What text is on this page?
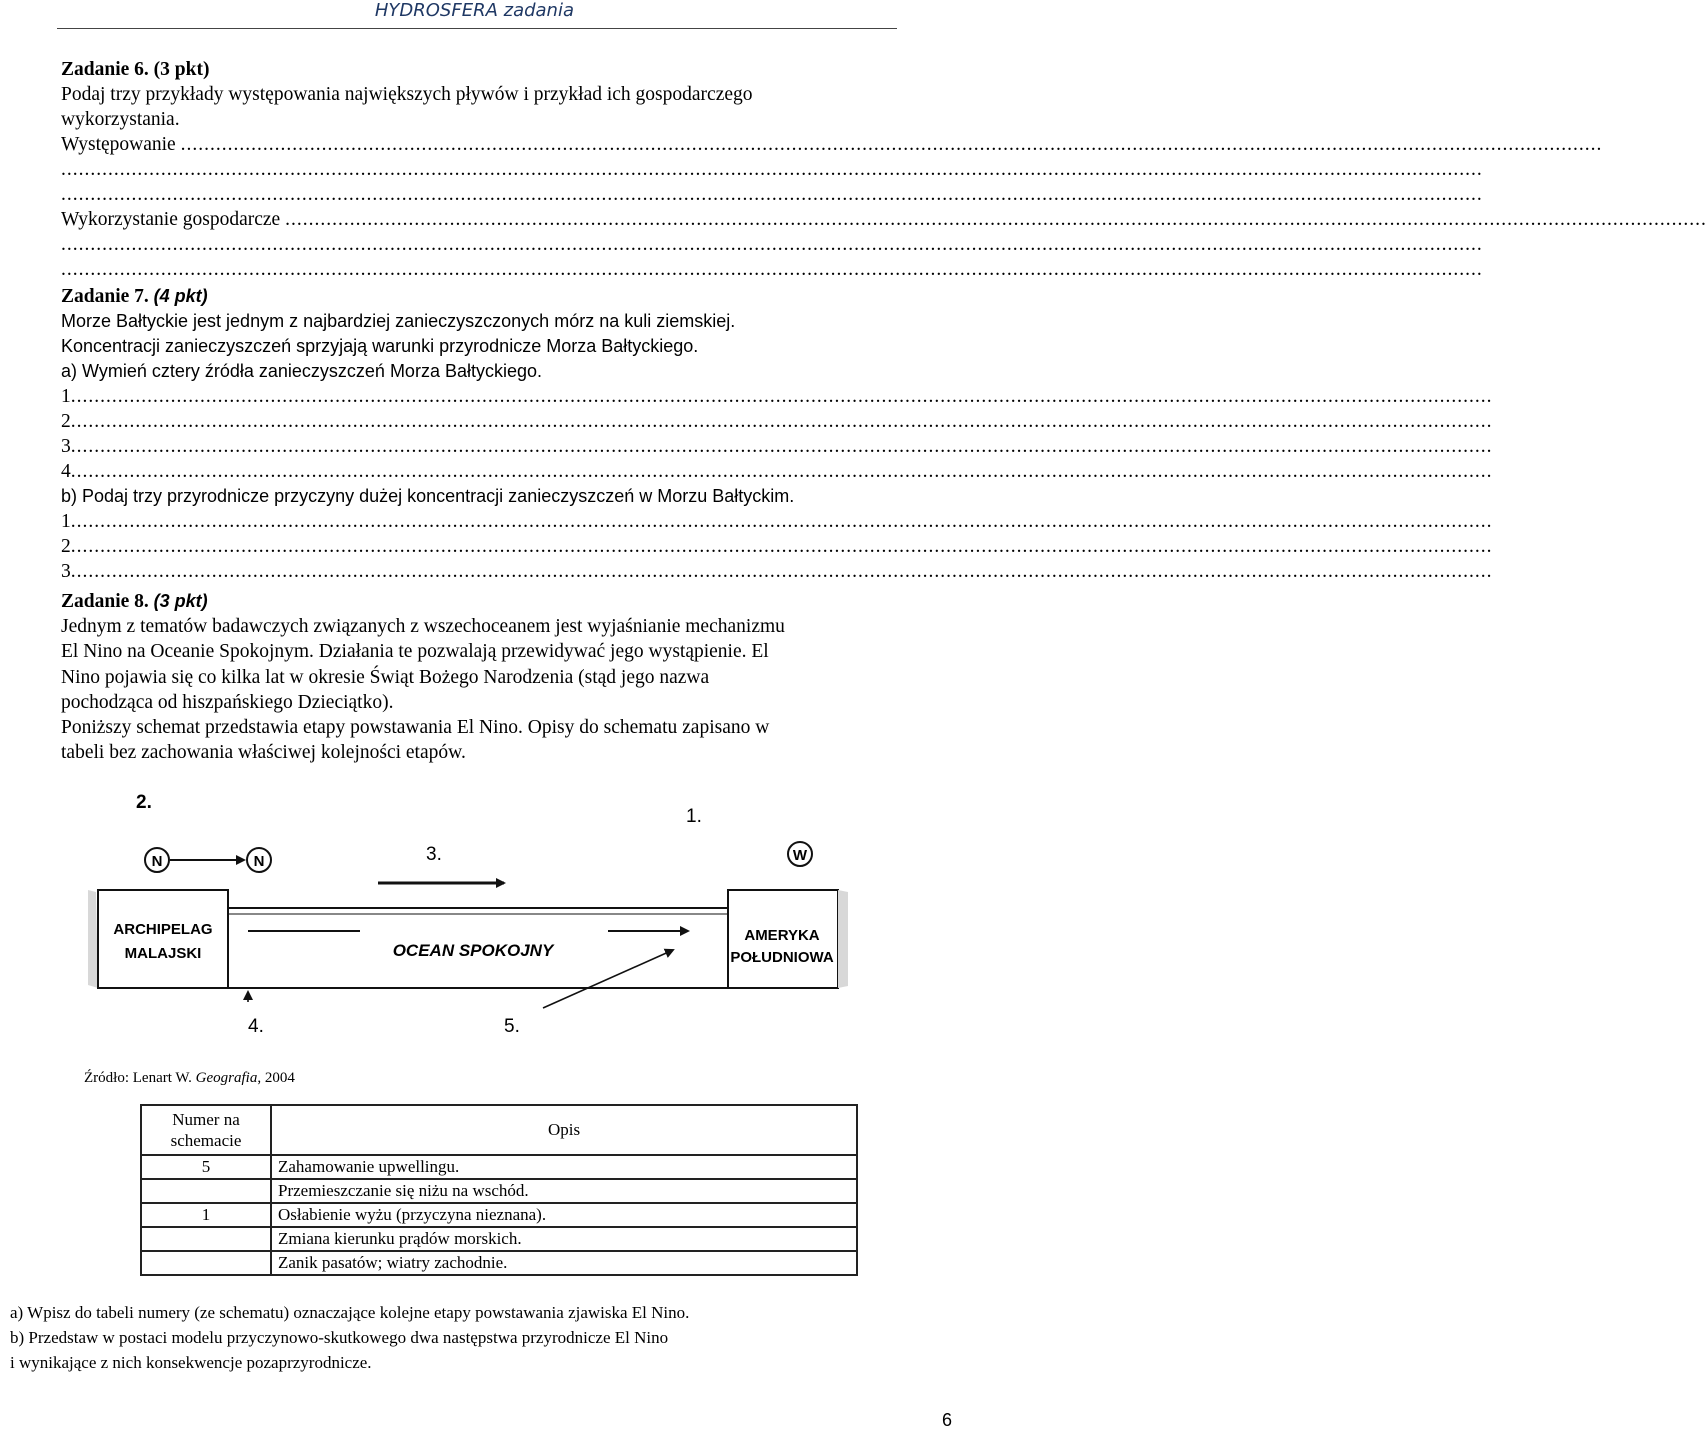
HYDROSFERA zadania
Zadanie 6. (3 pkt)
Podaj trzy przykłady występowania największych pływów i przykład ich gospodarczego
wykorzystania.
Występowanie ..................................................................................................................................................................................................................................................
..................................................................................................................................................................................................................................................
..................................................................................................................................................................................................................................................
Wykorzystanie gospodarcze ..................................................................................................................................................................................................................................................
..................................................................................................................................................................................................................................................
..................................................................................................................................................................................................................................................
Zadanie 7. (4 pkt)
Morze Bałtyckie jest jednym z najbardziej zanieczyszczonych mórz na kuli ziemskiej.
Koncentracji zanieczyszczeń sprzyjają warunki przyrodnicze Morza Bałtyckiego.
a) Wymień cztery źródła zanieczyszczeń Morza Bałtyckiego.
1 ..................................................................................................................................................................................................................................................
2 ..................................................................................................................................................................................................................................................
3 ..................................................................................................................................................................................................................................................
4 ..................................................................................................................................................................................................................................................
b) Podaj trzy przyrodnicze przyczyny dużej koncentracji zanieczyszczeń w Morzu Bałtyckim.
1 ..................................................................................................................................................................................................................................................
2 ..................................................................................................................................................................................................................................................
3 ..................................................................................................................................................................................................................................................
Zadanie 8. (3 pkt)
Jednym z tematów badawczych związanych z wszechoceanem jest wyjaśnianie mechanizmu
El Nino na Oceanie Spokojnym. Działania te pozwalają przewidywać jego wystąpienie. El
Nino pojawia się co kilka lat w okresie Świąt Bożego Narodzenia (stąd jego nazwa
pochodząca od hiszpańskiego Dzieciątko).
Poniższy schemat przedstawia etapy powstawania El Nino. Opisy do schematu zapisano w
tabeli bez zachowania właściwej kolejności etapów.
2.
1.
3.
4.	5.
N	N	W
ARCHIPELAG
MALAJSKI
AMERYKA
POŁUDNIOWA
OCEAN SPOKOJNY
Źródło: Lenart W. Geografia, 2004
Numer na
schemacie	Opis
5	Zahamowanie upwellingu.
	Przemieszczanie się niżu na wschód.
1	Osłabienie wyżu (przyczyna nieznana).
	Zmiana kierunku prądów morskich.
	Zanik pasatów; wiatry zachodnie.
a) Wpisz do tabeli numery (ze schematu) oznaczające kolejne etapy powstawania zjawiska El Nino.
b) Przedstaw w postaci modelu przyczynowo-skutkowego dwa następstwa przyrodnicze El Nino
i wynikające z nich konsekwencje pozaprzyrodnicze.
6
